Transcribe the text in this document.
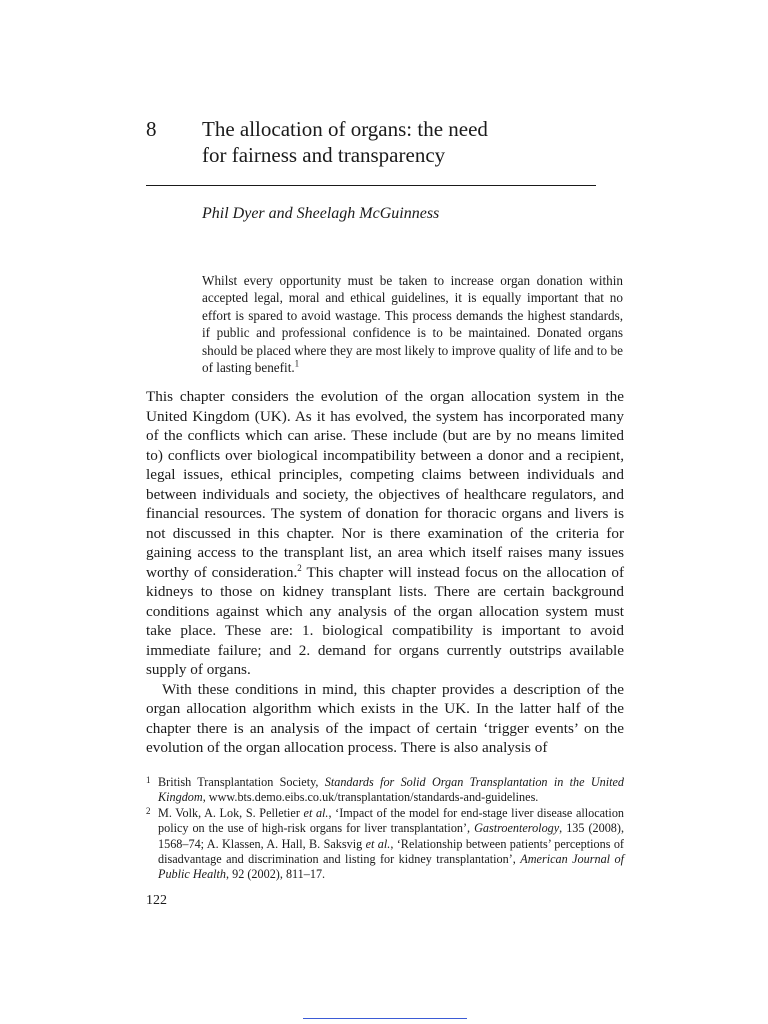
8 The allocation of organs: the need
for fairness and transparency
Phil Dyer and Sheelagh McGuinness

Whilst every opportunity must be taken to increase organ donation within accepted legal, moral and ethical guidelines, it is equally important that no effort is spared to avoid wastage. This process demands the highest standards, if public and professional confidence is to be maintained. Donated organs should be placed where they are most likely to improve quality of life and to be of lasting benefit.$^1$

This chapter considers the evolution of the organ allocation system in the United Kingdom (UK). As it has evolved, the system has incorporated many of the conflicts which can arise. These include (but are by no means limited to) conflicts over biological incompatibility between a donor and a recipient, legal issues, ethical principles, competing claims between individuals and between individuals and society, the objectives of healthcare regulators, and financial resources. The system of donation for thoracic organs and livers is not discussed in this chapter. Nor is there examination of the criteria for gaining access to the transplant list, an area which itself raises many issues worthy of consideration.$^2$ This chapter will instead focus on the allocation of kidneys to those on kidney transplant lists. There are certain background conditions against which any analysis of the organ allocation system must take place. These are: 1. biological compatibility is important to avoid immediate failure; and 2. demand for organs currently outstrips available supply of organs.

With these conditions in mind, this chapter provides a description of the organ allocation algorithm which exists in the UK. In the latter half of the chapter there is an analysis of the impact of certain ‘trigger events’ on the evolution of the organ allocation process. There is also analysis of

1 British Transplantation Society, Standards for Solid Organ Transplantation in the United Kingdom, www.bts.demo.eibs.co.uk/transplantation/standards-and-guidelines.

2 M. Volk, A. Lok, S. Pelletier et al., ‘Impact of the model for end-stage liver disease allocation policy on the use of high-risk organs for liver transplantation’, Gastroenterology, 135 (2008), 1568–74; A. Klassen, A. Hall, B. Saksvig et al., ‘Relationship between patients’ perceptions of disadvantage and discrimination and listing for kidney transplantation’, American Journal of Public Health, 92 (2002), 811–17.

122
